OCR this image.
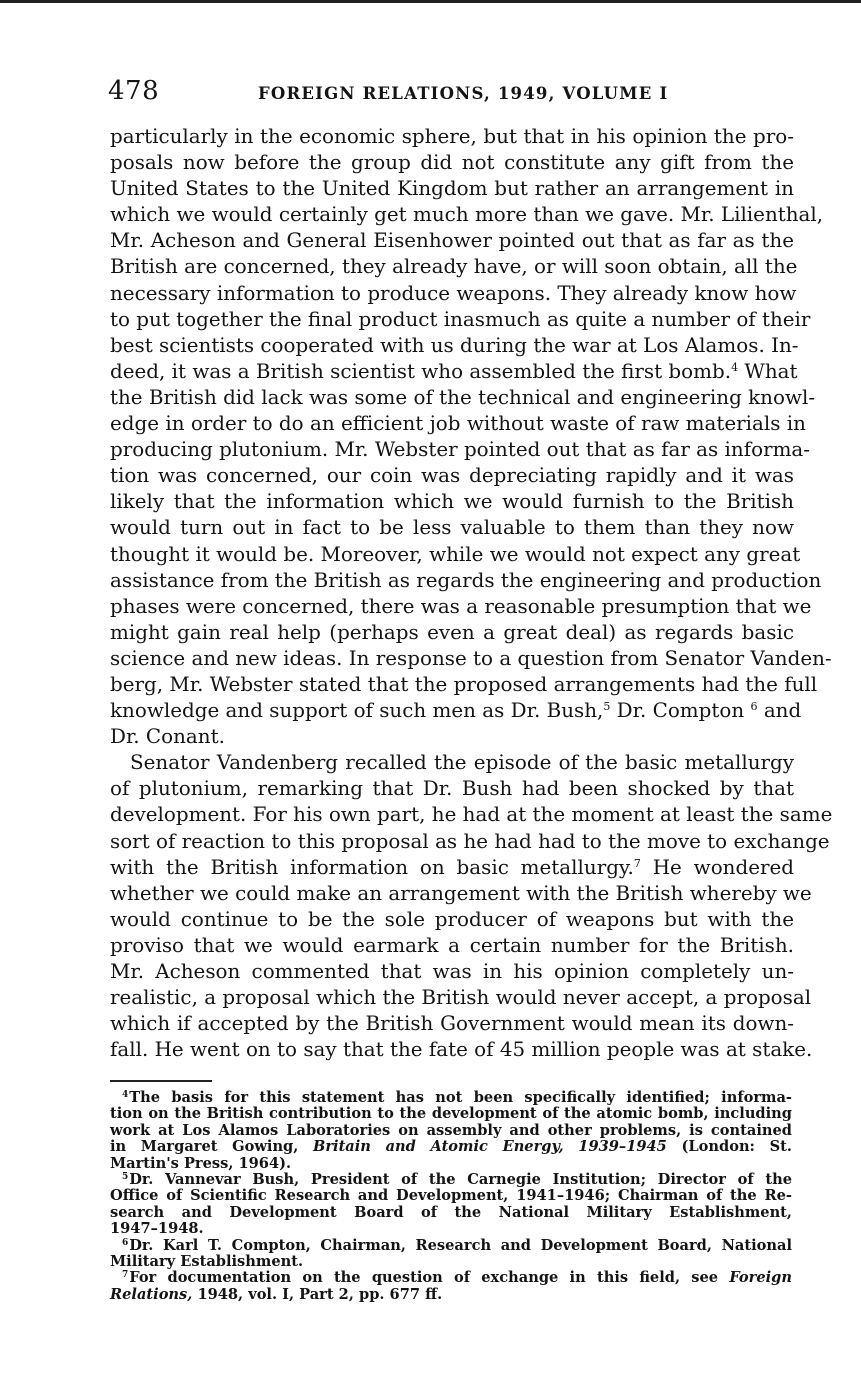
478	FOREIGN RELATIONS, 1949, VOLUME I

particularly in the economic sphere, but that in his opinion the pro-
posals now before the group did not constitute any gift from the
United States to the United Kingdom but rather an arrangement in
which we would certainly get much more than we gave. Mr. Lilienthal,
Mr. Acheson and General Eisenhower pointed out that as far as the
British are concerned, they already have, or will soon obtain, all the
necessary information to produce weapons. They already know how
to put together the final product inasmuch as quite a number of their
best scientists cooperated with us during the war at Los Alamos. In-
deed, it was a British scientist who assembled the first bomb.$^4$ What
the British did lack was some of the technical and engineering knowl-
edge in order to do an efficient job without waste of raw materials in
producing plutonium. Mr. Webster pointed out that as far as informa-
tion was concerned, our coin was depreciating rapidly and it was
likely that the information which we would furnish to the British
would turn out in fact to be less valuable to them than they now
thought it would be. Moreover, while we would not expect any great
assistance from the British as regards the engineering and production
phases were concerned, there was a reasonable presumption that we
might gain real help (perhaps even a great deal) as regards basic
science and new ideas. In response to a question from Senator Vanden-
berg, Mr. Webster stated that the proposed arrangements had the full
knowledge and support of such men as Dr. Bush,$^5$ Dr. Compton $^6$ and
Dr. Conant.

Senator Vandenberg recalled the episode of the basic metallurgy
of plutonium, remarking that Dr. Bush had been shocked by that
development. For his own part, he had at the moment at least the same
sort of reaction to this proposal as he had had to the move to exchange
with the British information on basic metallurgy.$^7$ He wondered
whether we could make an arrangement with the British whereby we
would continue to be the sole producer of weapons but with the
proviso that we would earmark a certain number for the British.
Mr. Acheson commented that was in his opinion completely un-
realistic, a proposal which the British would never accept, a proposal
which if accepted by the British Government would mean its down-
fall. He went on to say that the fate of 45 million people was at stake.

$^4$The basis for this statement has not been specifically identified; informa-
tion on the British contribution to the development of the atomic bomb, including
work at Los Alamos Laboratories on assembly and other problems, is contained
in Margaret Gowing, Britain and Atomic Energy, 1939–1945 (London: St.
Martin's Press, 1964).

$^5$Dr. Vannevar Bush, President of the Carnegie Institution; Director of the
Office of Scientific Research and Development, 1941–1946; Chairman of the Re-
search and Development Board of the National Military Establishment,
1947–1948.

$^6$Dr. Karl T. Compton, Chairman, Research and Development Board, National
Military Establishment.

$^7$For documentation on the question of exchange in this field, see Foreign
Relations, 1948, vol. I, Part 2, pp. 677 ff.
